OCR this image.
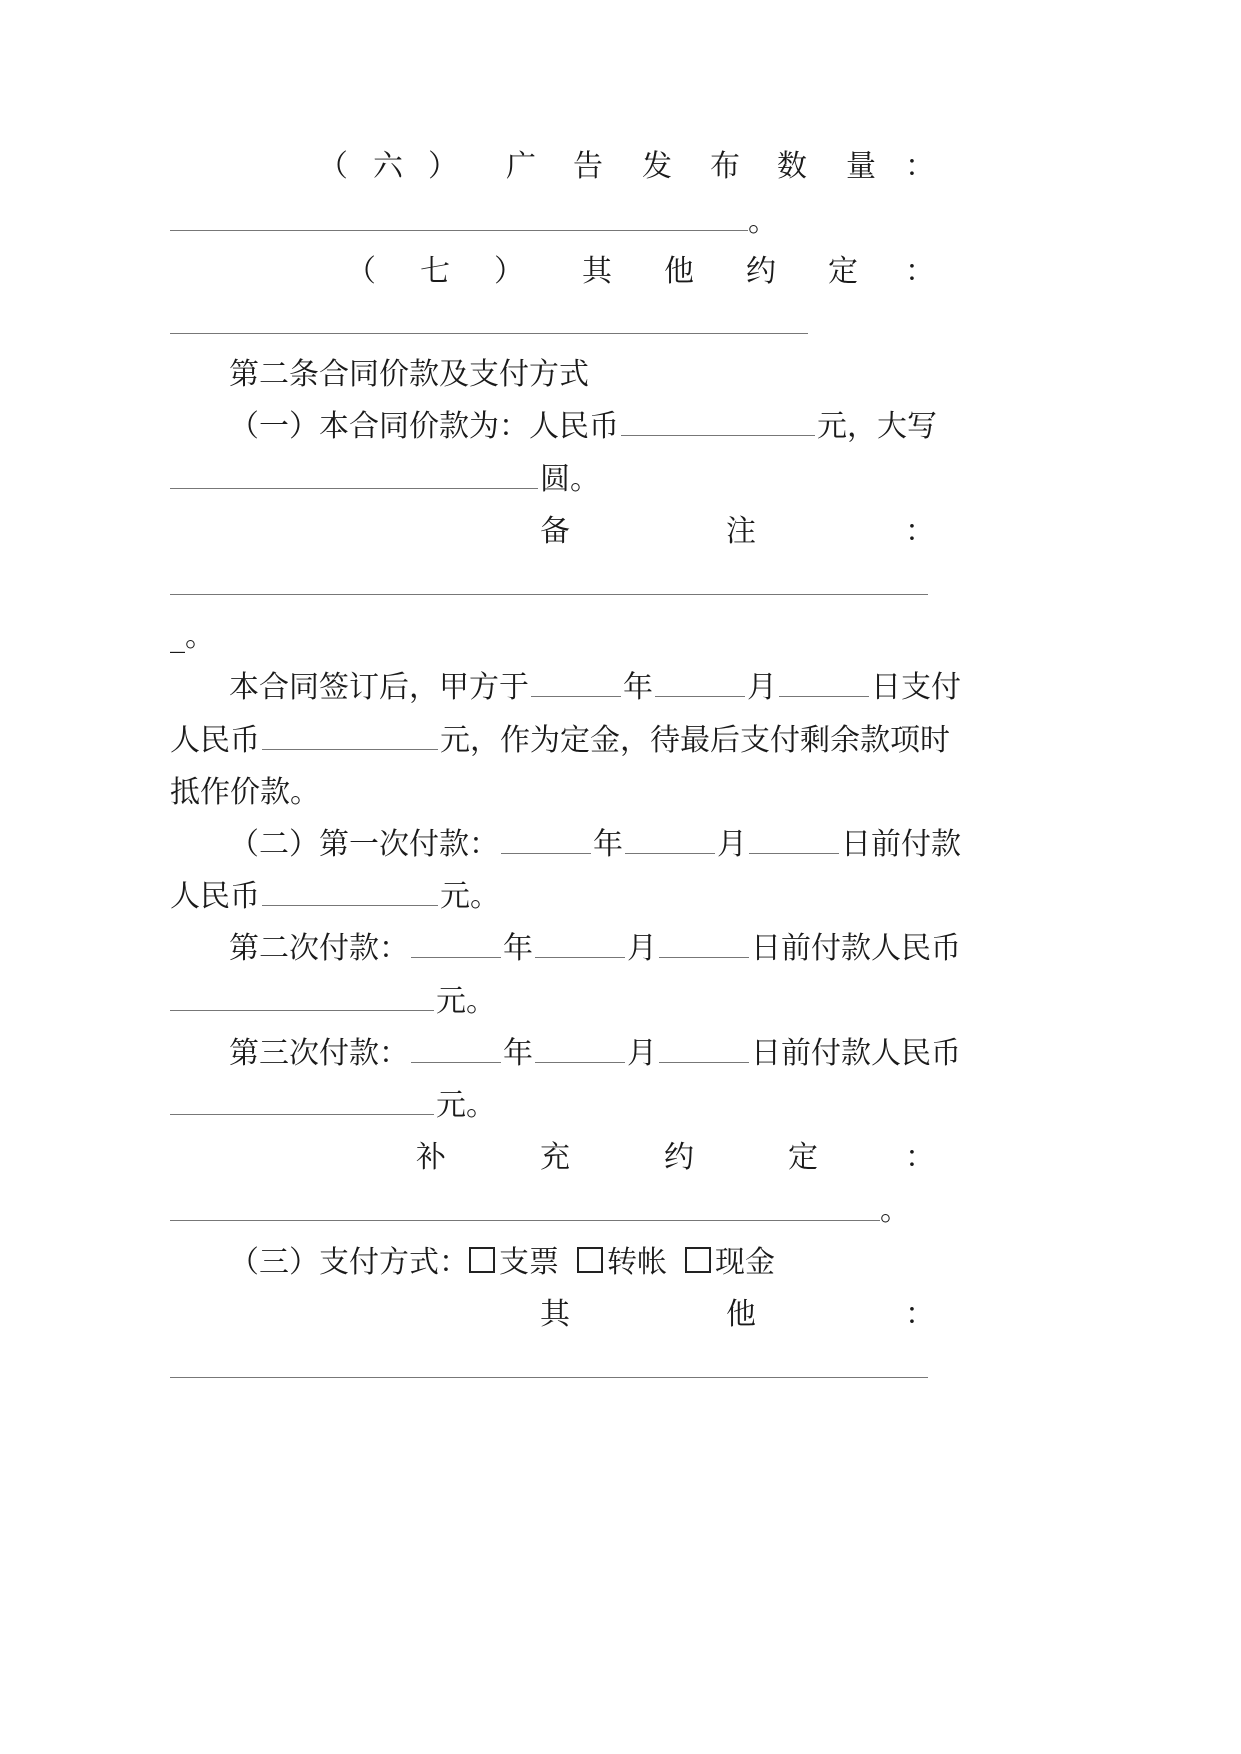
（ 六 ） 广 告 发 布 数 量 ：
。
（ 七 ） 其 他 约 定 ：
第二条合同价款及支付方式
（一）本合同价款为：人民币	元，大写
圆。
备	注	：
_。
本合同签订后，甲方于	年	月	日支付
人民币	元，作为定金，待最后支付剩余款项时
抵作价款。
（二）第一次付款：	年	月	日前付款
人民币	元。
第二次付款：	年	月	日前付款人民币
元。
第三次付款：	年	月	日前付款人民币
元。
补	充	约	定	：
。
（三）支付方式： 支票 转帐 现金
其	他	：
